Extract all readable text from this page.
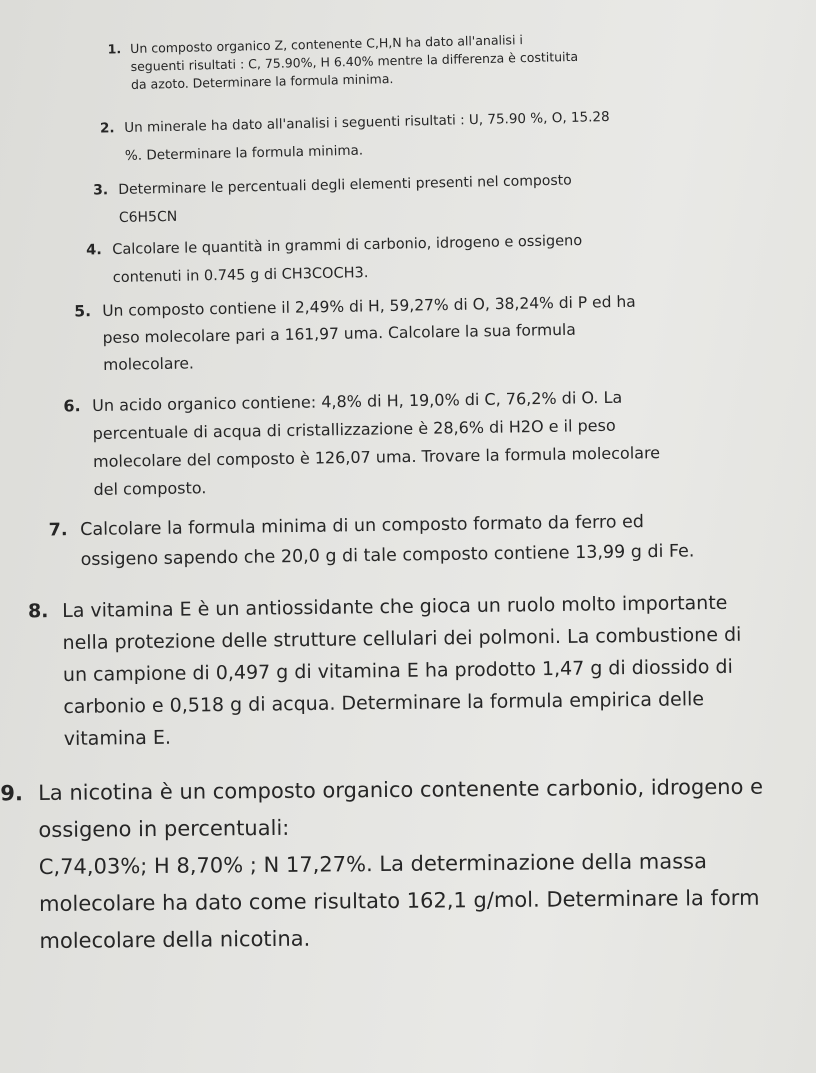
1. Un composto organico Z, contenente C,H,N ha dato all'analisi i
seguenti risultati : C, 75.90%, H 6.40% mentre la differenza è costituita
da azoto. Determinare la formula minima.
2. Un minerale ha dato all'analisi i seguenti risultati : U, 75.90 %, O, 15.28
%. Determinare la formula minima.
3. Determinare le percentuali degli elementi presenti nel composto
C6H5CN
4. Calcolare le quantità in grammi di carbonio, idrogeno e ossigeno
contenuti in 0.745 g di CH3COCH3.
5. Un composto contiene il 2,49% di H, 59,27% di O, 38,24% di P ed ha
peso molecolare pari a 161,97 uma. Calcolare la sua formula
molecolare.
6. Un acido organico contiene: 4,8% di H, 19,0% di C, 76,2% di O. La
percentuale di acqua di cristallizzazione è 28,6% di H2O e il peso
molecolare del composto è 126,07 uma. Trovare la formula molecolare
del composto.
7. Calcolare la formula minima di un composto formato da ferro ed
ossigeno sapendo che 20,0 g di tale composto contiene 13,99 g di Fe.
8. La vitamina E è un antiossidante che gioca un ruolo molto importante
nella protezione delle strutture cellulari dei polmoni. La combustione di
un campione di 0,497 g di vitamina E ha prodotto 1,47 g di diossido di
carbonio e 0,518 g di acqua. Determinare la formula empirica delle
vitamina E.
9. La nicotina è un composto organico contenente carbonio, idrogeno e
ossigeno in percentuali:
C,74,03%; H 8,70% ; N 17,27%. La determinazione della massa
molecolare ha dato come risultato 162,1 g/mol. Determinare la form
molecolare della nicotina.
